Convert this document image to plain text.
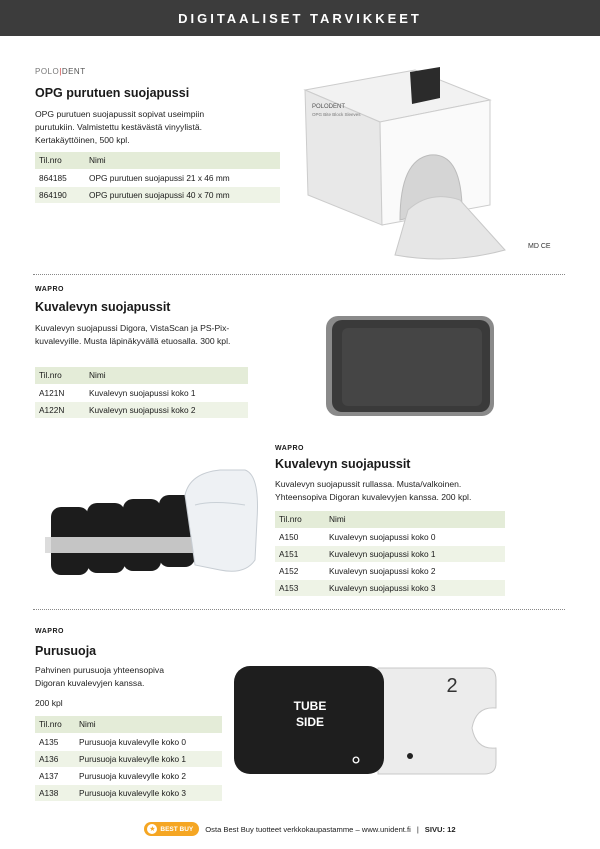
DIGITAALISET TARVIKKEET
POLO|DENT
OPG purutuen suojapussi
OPG purutuen suojapussit sopivat useimpiin
purutukiin. Valmistettu kestävästä vinyylistä.
Kertakäyttöinen, 500 kpl.
Til.nro	Nimi
864185	OPG purutuen suojapussi 21 x 46 mm
864190	OPG purutuen suojapussi 40 x 70 mm
POLODENT
OPG Bite Block Sleeves
MD CE
WAPRO
Kuvalevyn suojapussit
Kuvalevyn suojapussi Digora, VistaScan ja PS-Pix-
kuvalevyille. Musta läpinäkyvällä etuosalla. 300 kpl.
Til.nro	Nimi
A121N	Kuvalevyn suojapussi koko 1
A122N	Kuvalevyn suojapussi koko 2
WAPRO
Kuvalevyn suojapussit
Kuvalevyn suojapussit rullassa. Musta/valkoinen.
Yhteensopiva Digoran kuvalevyjen kanssa. 200 kpl.
Til.nro	Nimi
A150	Kuvalevyn suojapussi koko 0
A151	Kuvalevyn suojapussi koko 1
A152	Kuvalevyn suojapussi koko 2
A153	Kuvalevyn suojapussi koko 3
WAPRO
Purusuoja
Pahvinen purusuoja yhteensopiva
Digoran kuvalevyjen kanssa.
200 kpl
Til.nro	Nimi
A135	Purusuoja kuvalevylle koko 0
A136	Purusuoja kuvalevylle koko 1
A137	Purusuoja kuvalevylle koko 2
A138	Purusuoja kuvalevylle koko 3
TUBE
SIDE
2
★ BEST BUY Osta Best Buy tuotteet verkkokaupastamme – www.unident.fi | SIVU: 12
